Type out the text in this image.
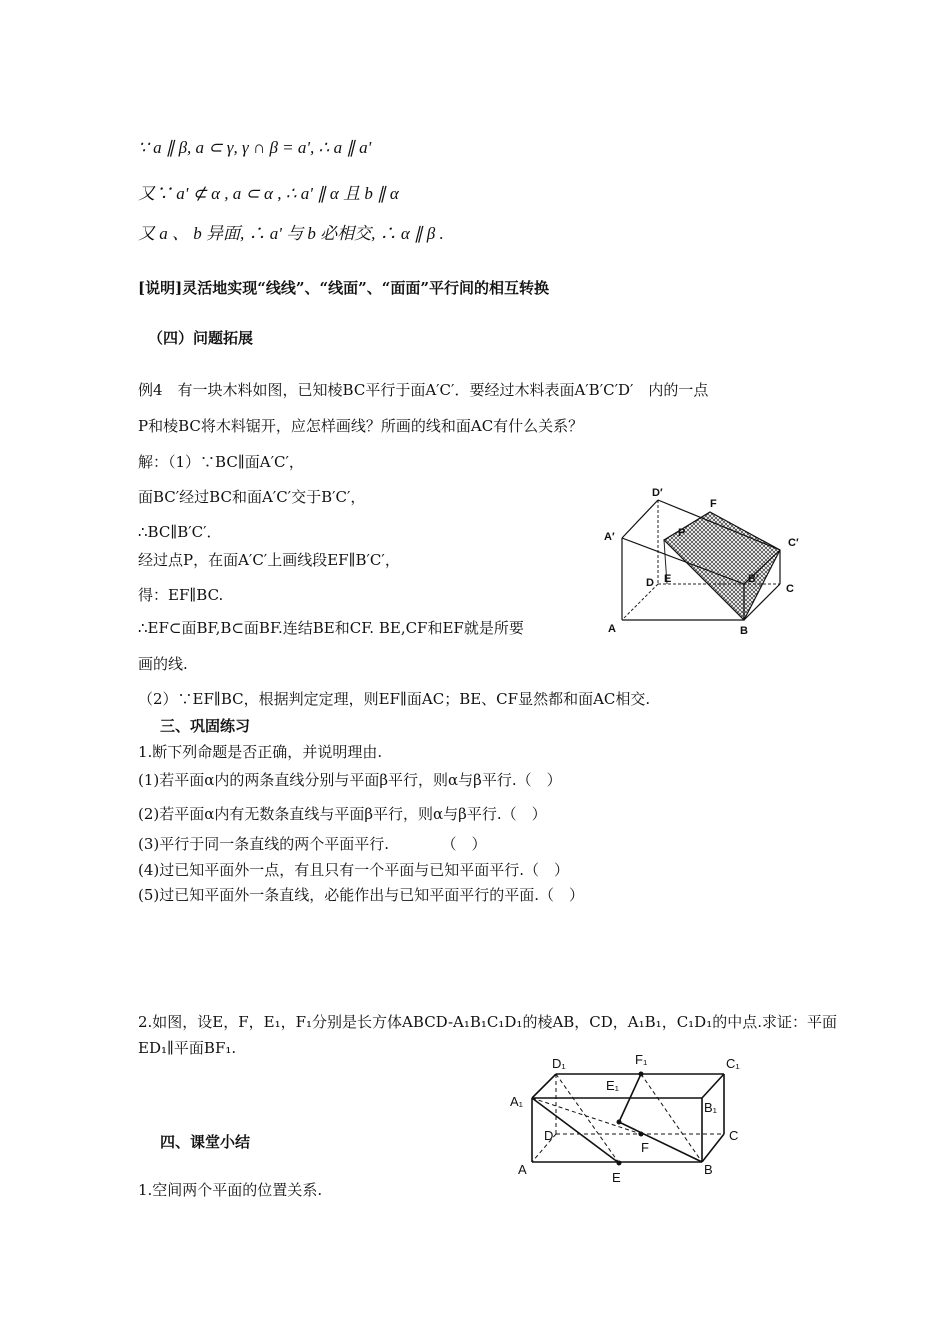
∵ a ∥ β, a ⊂ γ, γ ∩ β = a', ∴ a ∥ a'
又∵ a' ⊄ α , a ⊂ α , ∴ a' ∥ α 且 b ∥ α
又 a 、 b 异面, ∴ a' 与 b 必相交, ∴ α ∥ β .
[说明]灵活地实现“线线”、“线面”、“面面”平行间的相互转换
（四）问题拓展
例4　有一块木料如图，已知棱BC平行于面A′C′．要经过木料表面A′B′C′D′　内的一点
P和棱BC将木料锯开，应怎样画线？所画的线和面AC有什么关系？
解：（1）∵BC∥面A′C′，
面BC′经过BC和面A′C′交于B′C′，
∴BC∥B′C′．
经过点P，在面A′C′上画线段EF∥B′C′，
得：EF∥BC.
∴EF⊂面BF,B⊂面BF.连结BE和CF. BE,CF和EF就是所要
画的线.
（2）∵EF∥BC，根据判定定理，则EF∥面AC；BE、CF显然都和面AC相交.
D′
F
A′	P
C′
D E	B′
C
A	B
三、巩固练习
1.断下列命题是否正确，并说明理由.
(1)若平面α内的两条直线分别与平面β平行，则α与β平行.（　）
(2)若平面α内有无数条直线与平面β平行，则α与β平行.（　）
(3)平行于同一条直线的两个平面平行.　　　　（　）
(4)过已知平面外一点，有且只有一个平面与已知平面平行.（　）
(5)过已知平面外一条直线，必能作出与已知平面平行的平面.（　）
2.如图，设E，F，E₁，F₁分别是长方体ABCD-A₁B₁C₁D₁的棱AB，CD，A₁B₁，C₁D₁的中点.求证：平面
ED₁∥平面BF₁.
D₁	F₁	C₁
E₁
A₁	B₁
D	C
F
A	B
E
四、课堂小结
1.空间两个平面的位置关系.
